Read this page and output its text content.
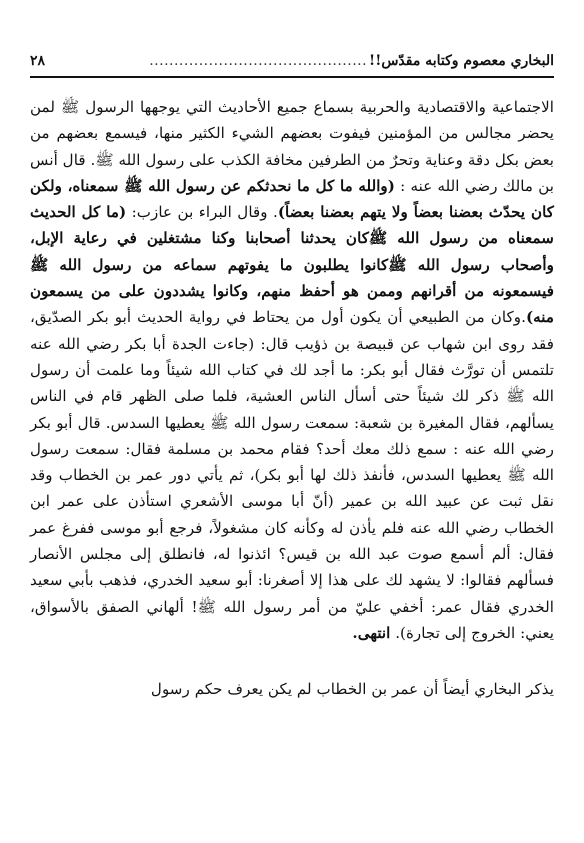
البخاري معصوم وكتابه مقدّس!!
............................................
٢٨

الاجتماعية والاقتصادية والحربية بسماع جميع الأحاديث التي يوجهها الرسول ﷺ لمن يحضر مجالس من المؤمنين فيفوت بعضهم الشيء الكثير منها، فيسمع بعضهم من بعض بكل دقة وعناية وتحرٌ من الطرفين مخافة الكذب على رسول الله ﷺ. قال أنس بن مالك رضي الله عنه : (والله ما كل ما نحدثكم عن رسول الله ﷺ سمعناه، ولكن كان يحدّث بعضنا بعضاً ولا يتهم بعضنا بعضاً). وقال البراء بن عازب: (ما كل الحديث سمعناه من رسول الله ﷺكان يحدثنا أصحابنا وكنا مشتغلين في رعاية الإبل، وأصحاب رسول الله ﷺكانوا يطلبون ما يفوتهم سماعه من رسول الله ﷺ فيسمعونه من أقرانهم وممن هو أحفظ منهم، وكانوا يشددون على من يسمعون منه).وكان من الطبيعي أن يكون أول من يحتاط في رواية الحديث أبو بكر الصدّيق، فقد روى ابن شهاب عن قبيصة بن ذؤيب قال: (جاءت الجدة أبا بكر رضي الله عنه تلتمس أن تورَّث فقال أبو بكر: ما أجد لك في كتاب الله شيئاً وما علمت أن رسول الله ﷺ ذكر لك شيئاً حتى أسأل الناس العشية، فلما صلى الظهر قام في الناس يسألهم، فقال المغيرة بن شعبة: سمعت رسول الله ﷺ يعطيها السدس. قال أبو بكر رضي الله عنه : سمع ذلك معك أحد؟ فقام محمد بن مسلمة فقال: سمعت رسول الله ﷺ يعطيها السدس، فأنفذ ذلك لها أبو بكر)، ثم يأتي دور عمر بن الخطاب وقد نقل ثبت عن عبيد الله بن عمير (أنّ أبا موسى الأشعري استأذن على عمر ابن الخطاب رضي الله عنه فلم يأذن له وكأنه كان مشغولاً، فرجع أبو موسى ففرغ عمر فقال: ألم أسمع صوت عبد الله بن قيس؟ ائذنوا له، فانطلق إلى مجلس الأنصار فسألهم فقالوا: لا يشهد لك على هذا إلا أصغرنا: أبو سعيد الخدري، فذهب بأبي سعيد الخدري فقال عمر: أخفي عليّ من أمر رسول الله ﷺ! ألهاني الصفق بالأسواق، يعني: الخروج إلى تجارة). انتهى.

يذكر البخاري أيضاً أن عمر بن الخطاب لم يكن يعرف حكم رسول
